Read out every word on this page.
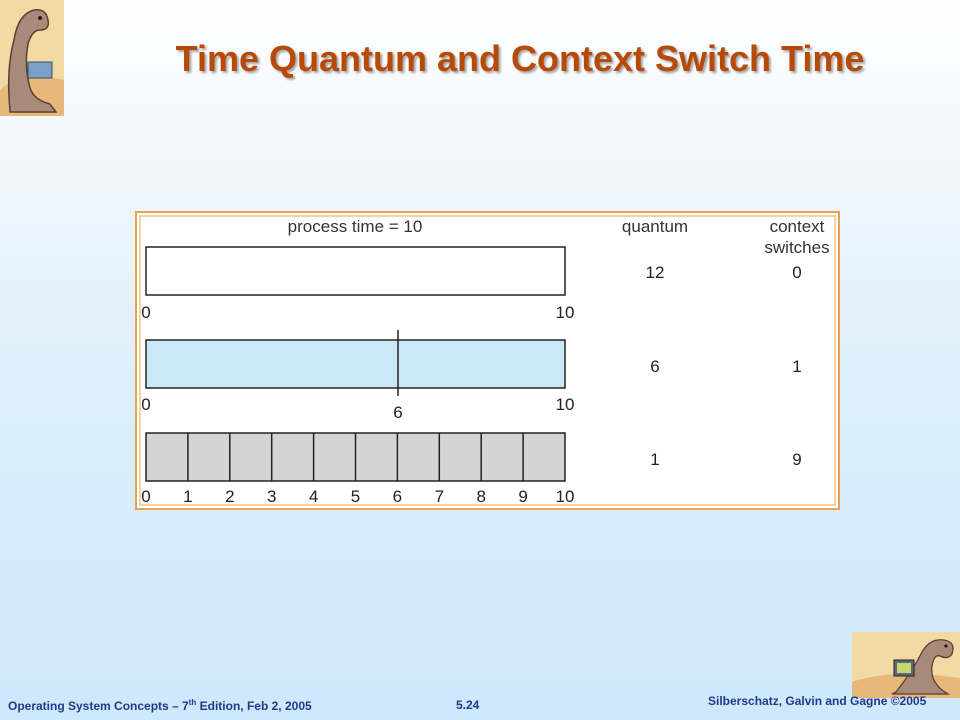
Time Quantum and Context Switch Time
process time = 10	quantum	context
switches
0	10
12	0
0	10
6
6	1
0 1 2 3 4 5 6 7 8 9 10
1	9
Operating System Concepts – 7th Edition, Feb 2, 2005	5.24	Silberschatz, Galvin and Gagne ©2005
